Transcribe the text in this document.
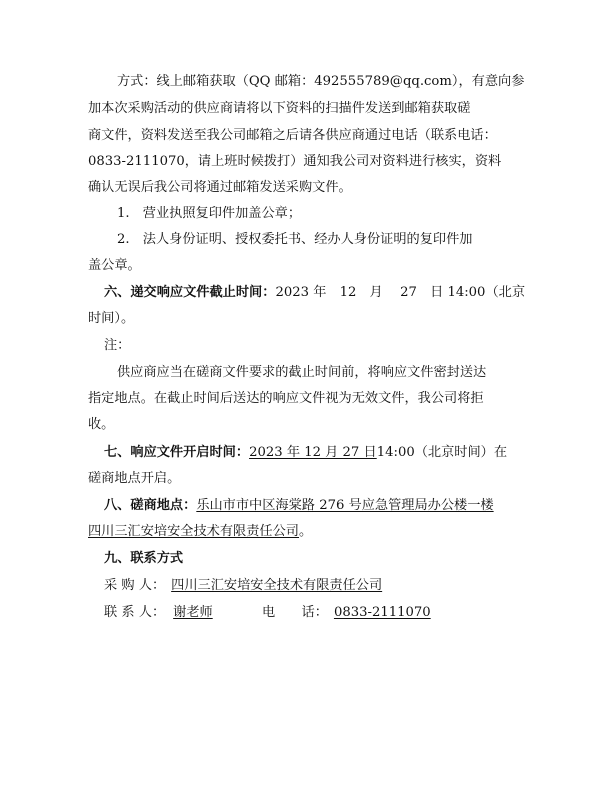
方式：线上邮箱获取（QQ 邮箱：492555789@qq.com），有意向参
加本次采购活动的供应商请将以下资料的扫描件发送到邮箱获取磋
商文件，资料发送至我公司邮箱之后请各供应商通过电话（联系电话：
0833-2111070，请上班时候拨打）通知我公司对资料进行核实，资料
确认无误后我公司将通过邮箱发送采购文件。
1.　营业执照复印件加盖公章；
2.　法人身份证明、授权委托书、经办人身份证明的复印件加
盖公章。
六、递交响应文件截止时间：2023 年　12　月　 27　日 14:00（北京
时间）。
注：
供应商应当在磋商文件要求的截止时间前，将响应文件密封送达
指定地点。在截止时间后送达的响应文件视为无效文件，我公司将拒
收。
七、响应文件开启时间：2023 年 12 月 27 日14:00（北京时间）在
磋商地点开启。
八、磋商地点：乐山市市中区海棠路 276 号应急管理局办公楼一楼
四川三汇安培安全技术有限责任公司。
九、联系方式
采 购 人： 四川三汇安培安全技术有限责任公司
联 系 人： 谢老师	电　　话： 0833-2111070
